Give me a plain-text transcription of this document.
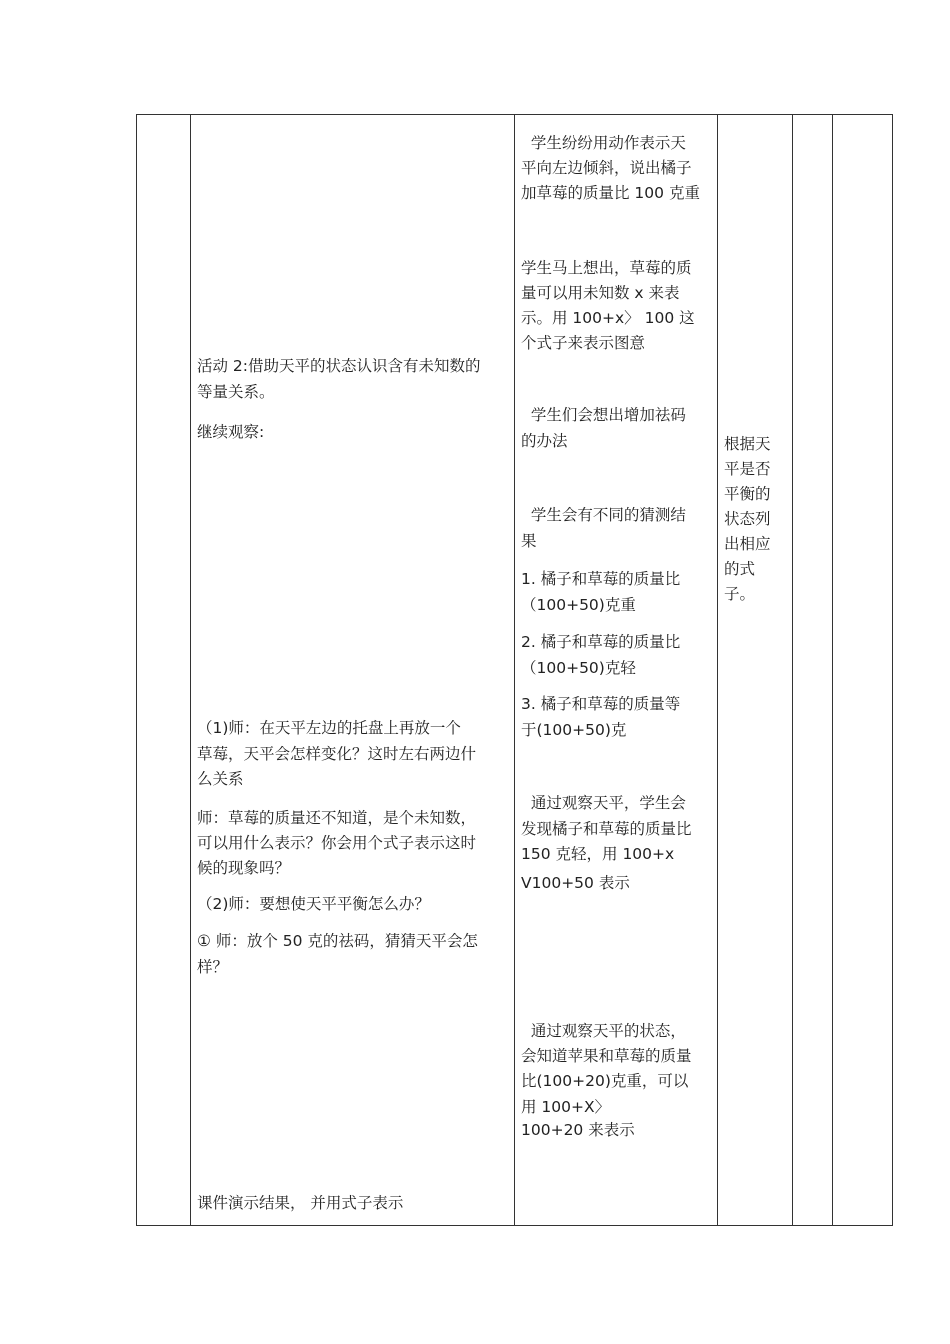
活动 2:借助天平的状态认识含有未知数的
等量关系。
继续观察:
（1)师：在天平左边的托盘上再放一个
草莓，天平会怎样变化？这时左右两边什
么关系
师：草莓的质量还不知道，是个未知数，
可以用什么表示？你会用个式子表示这时
候的现象吗？
（2)师：要想使天平平衡怎么办？
① 师：放个 50 克的祛码，猜猜天平会怎
样？
课件演示结果， 并用式子表示
学生纷纷用动作表示天
平向左边倾斜，说出橘子
加草莓的质量比 100 克重
学生马上想出，草莓的质
量可以用未知数 x 来表
示。用 100+x〉 100 这
个式子来表示图意
学生们会想出增加祛码
的办法
学生会有不同的猜测结
果
1. 橘子和草莓的质量比
（100+50)克重
2. 橘子和草莓的质量比
（100+50)克轻
3. 橘子和草莓的质量等
于(100+50)克
通过观察天平，学生会
发现橘子和草莓的质量比
150 克轻，用 100+x
V100+50 表示
通过观察天平的状态，
会知道苹果和草莓的质量
比(100+20)克重，可以
用 100+X〉
100+20 来表示
根据天
平是否
平衡的
状态列
出相应
的式
子。
